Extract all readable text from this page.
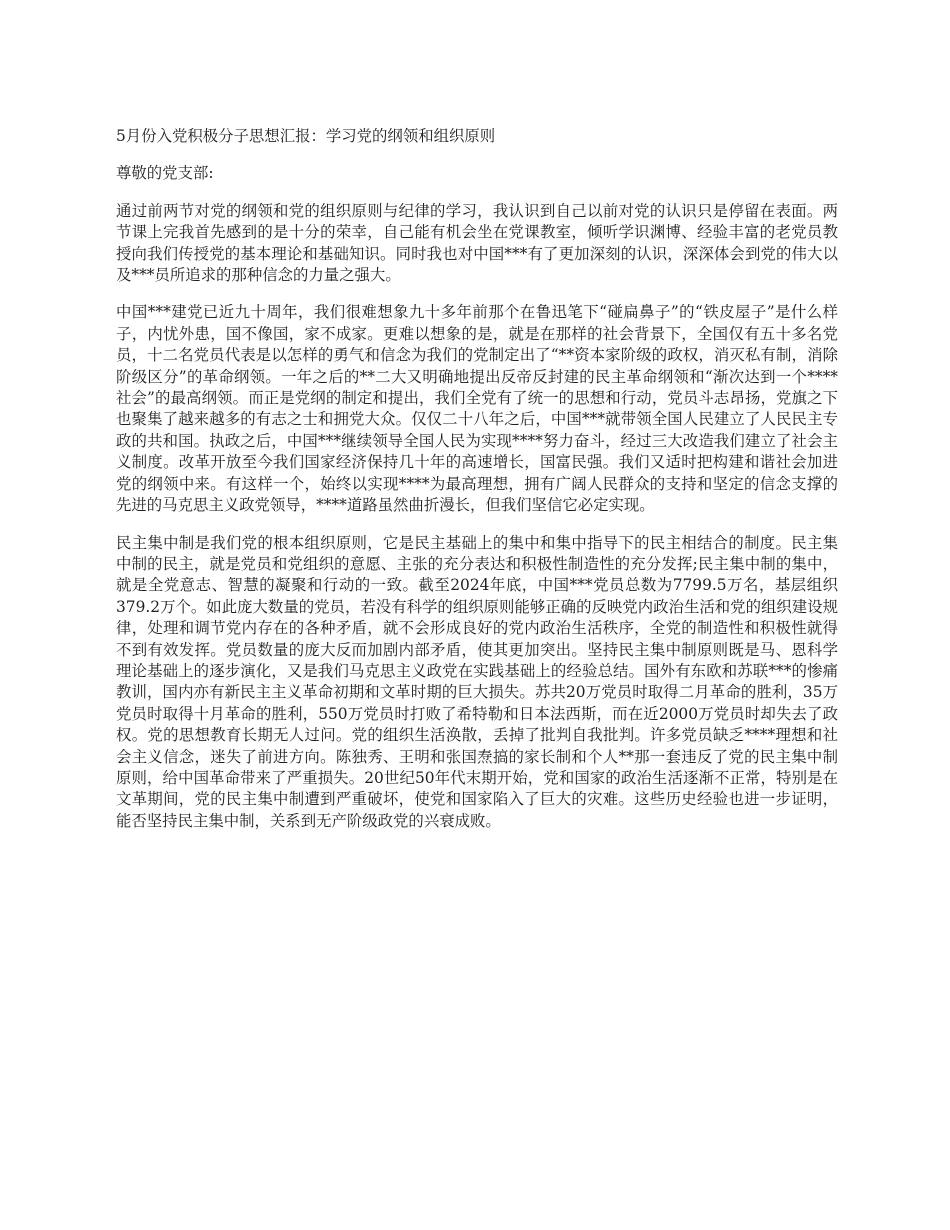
5月份入党积极分子思想汇报：学习党的纲领和组织原则

尊敬的党支部:

通过前两节对党的纲领和党的组织原则与纪律的学习，我认识到自己以前对党的认识只是停留在表面。两节课上完我首先感到的是十分的荣幸，自己能有机会坐在党课教室，倾听学识渊博、经验丰富的老党员教授向我们传授党的基本理论和基础知识。同时我也对中国***有了更加深刻的认识，深深体会到党的伟大以及***员所追求的那种信念的力量之强大。

中国***建党已近九十周年，我们很难想象九十多年前那个在鲁迅笔下“碰扁鼻子”的“铁皮屋子”是什么样子，内忧外患，国不像国，家不成家。更难以想象的是，就是在那样的社会背景下，全国仅有五十多名党员，十二名党员代表是以怎样的勇气和信念为我们的党制定出了“**资本家阶级的政权，消灭私有制，消除阶级区分”的革命纲领。一年之后的**二大又明确地提出反帝反封建的民主革命纲领和“渐次达到一个****社会”的最高纲领。而正是党纲的制定和提出，我们全党有了统一的思想和行动，党员斗志昂扬，党旗之下也聚集了越来越多的有志之士和拥党大众。仅仅二十八年之后，中国***就带领全国人民建立了人民民主专政的共和国。执政之后，中国***继续领导全国人民为实现****努力奋斗，经过三大改造我们建立了社会主义制度。改革开放至今我们国家经济保持几十年的高速增长，国富民强。我们又适时把构建和谐社会加进党的纲领中来。有这样一个，始终以实现****为最高理想，拥有广阔人民群众的支持和坚定的信念支撑的先进的马克思主义政党领导，****道路虽然曲折漫长，但我们坚信它必定实现。

民主集中制是我们党的根本组织原则，它是民主基础上的集中和集中指导下的民主相结合的制度。民主集中制的民主，就是党员和党组织的意愿、主张的充分表达和积极性制造性的充分发挥;民主集中制的集中，就是全党意志、智慧的凝聚和行动的一致。截至2024年底，中国***党员总数为7799.5万名，基层组织379.2万个。如此庞大数量的党员，若没有科学的组织原则能够正确的反映党内政治生活和党的组织建设规律，处理和调节党内存在的各种矛盾，就不会形成良好的党内政治生活秩序，全党的制造性和积极性就得不到有效发挥。党员数量的庞大反而加剧内部矛盾，使其更加突出。坚持民主集中制原则既是马、恩科学理论基础上的逐步演化，又是我们马克思主义政党在实践基础上的经验总结。国外有东欧和苏联***的惨痛教训，国内亦有新民主主义革命初期和文革时期的巨大损失。苏共20万党员时取得二月革命的胜利，35万党员时取得十月革命的胜利，550万党员时打败了希特勒和日本法西斯，而在近2000万党员时却失去了政权。党的思想教育长期无人过问。党的组织生活涣散，丢掉了批判自我批判。许多党员缺乏****理想和社会主义信念，迷失了前进方向。陈独秀、王明和张国焘搞的家长制和个人**那一套违反了党的民主集中制原则，给中国革命带来了严重损失。20世纪50年代末期开始，党和国家的政治生活逐渐不正常，特别是在文革期间，党的民主集中制遭到严重破坏，使党和国家陷入了巨大的灾难。这些历史经验也进一步证明，能否坚持民主集中制，关系到无产阶级政党的兴衰成败。
